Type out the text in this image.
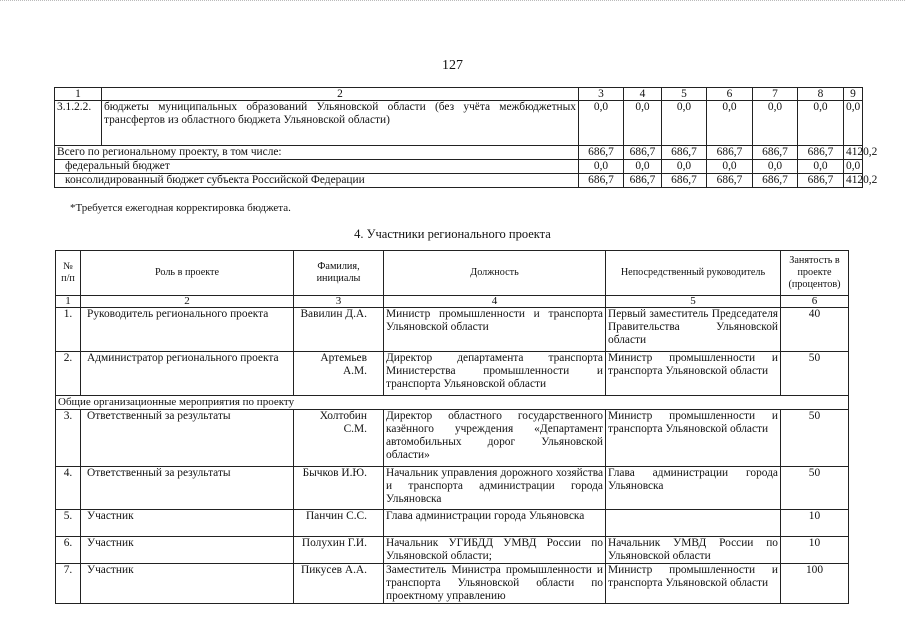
127
1	2	3	4	5	6	7	8	9
3.1.2.2.	бюджеты муниципальных образований Ульяновской области (без учёта межбюджетных трансфертов из областного бюджета Ульяновской области)	0,0	0,0	0,0	0,0	0,0	0,0	0,0
Всего по региональному проекту, в том числе:		686,7	686,7	686,7	686,7	686,7	686,7	4120,2
федеральный бюджет		0,0	0,0	0,0	0,0	0,0	0,0	0,0
консолидированный бюджет субъекта Российской Федерации		686,7	686,7	686,7	686,7	686,7	686,7	4120,2
*Требуется ежегодная корректировка бюджета.
4. Участники регионального проекта
№ п/п	Роль в проекте	Фамилия, инициалы	Должность	Непосредственный руководитель	Занятость в проекте (процентов)
1	2	3	4	5	6
1.	Руководитель регионального проекта	Вавилин Д.А.	Министр промышленности и транспорта Ульяновской области	Первый заместитель Председателя Правительства Ульяновской области	40
2.	Администратор регионального проекта	Артемьев А.М.	Директор департамента транспорта Министерства промышленности и транспорта Ульяновской области	Министр промышленности и транспорта Ульяновской области	50
Общие организационные мероприятия по проекту					
3.	Ответственный за результаты	Холтобин С.М.	Директор областного государственного казённого учреждения «Департамент автомобильных дорог Ульяновской области»	Министр промышленности и транспорта Ульяновской области	50
4.	Ответственный за результаты	Бычков И.Ю.	Начальник управления дорожного хозяйства и транспорта администрации города Ульяновска	Глава администрации города Ульяновска	50
5.	Участник	Панчин С.С.	Глава администрации города Ульяновска		10
6.	Участник	Полухин Г.И.	Начальник УГИБДД УМВД России по Ульяновской области;	Начальник УМВД России по Ульяновской области	10
7.	Участник	Пикусев А.А.	Заместитель Министра промышленности и транспорта Ульяновской области по проектному управлению	Министр промышленности и транспорта Ульяновской области	100
